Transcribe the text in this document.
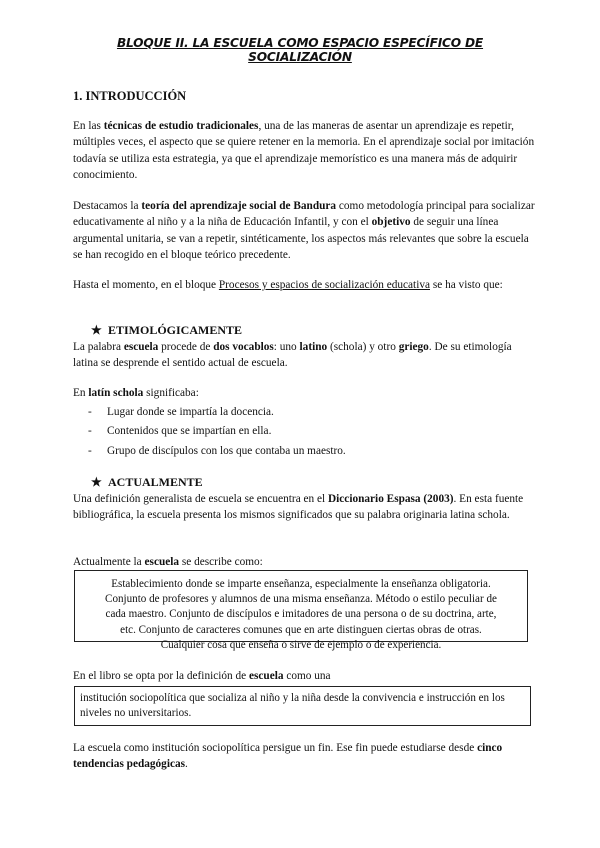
BLOQUE II. LA ESCUELA COMO ESPACIO ESPECÍFICO DE
SOCIALIZACIÓN
1. INTRODUCCIÓN
En las técnicas de estudio tradicionales, una de las maneras de asentar un aprendizaje es repetir, múltiples veces, el aspecto que se quiere retener en la memoria. En el aprendizaje social por imitación todavía se utiliza esta estrategia, ya que el aprendizaje memorístico es una manera más de adquirir conocimiento.
Destacamos la teoría del aprendizaje social de Bandura como metodología principal para socializar educativamente al niño y a la niña de Educación Infantil, y con el objetivo de seguir una línea argumental unitaria, se van a repetir, sintéticamente, los aspectos más relevantes que sobre la escuela se han recogido en el bloque teórico precedente.
Hasta el momento, en el bloque Procesos y espacios de socialización educativa se ha visto que:
★ ETIMOLÓGICAMENTE
La palabra escuela procede de dos vocablos: uno latino (schola) y otro griego. De su etimología latina se desprende el sentido actual de escuela.
En latín schola significaba:
- Lugar donde se impartía la docencia.
- Contenidos que se impartían en ella.
- Grupo de discípulos con los que contaba un maestro.
★ ACTUALMENTE
Una definición generalista de escuela se encuentra en el Diccionario Espasa (2003). En esta fuente bibliográfica, la escuela presenta los mismos significados que su palabra originaria latina schola.
Actualmente la escuela se describe como:
Establecimiento donde se imparte enseñanza, especialmente la enseñanza obligatoria.
Conjunto de profesores y alumnos de una misma enseñanza. Método o estilo peculiar de
cada maestro. Conjunto de discípulos e imitadores de una persona o de su doctrina, arte,
etc. Conjunto de caracteres comunes que en arte distinguen ciertas obras de otras.
Cualquier cosa que enseña o sirve de ejemplo o de experiencia.
En el libro se opta por la definición de escuela como una
institución sociopolítica que socializa al niño y la niña desde la convivencia e instrucción en los niveles no universitarios.
La escuela como institución sociopolítica persigue un fin. Ese fin puede estudiarse desde cinco tendencias pedagógicas.
